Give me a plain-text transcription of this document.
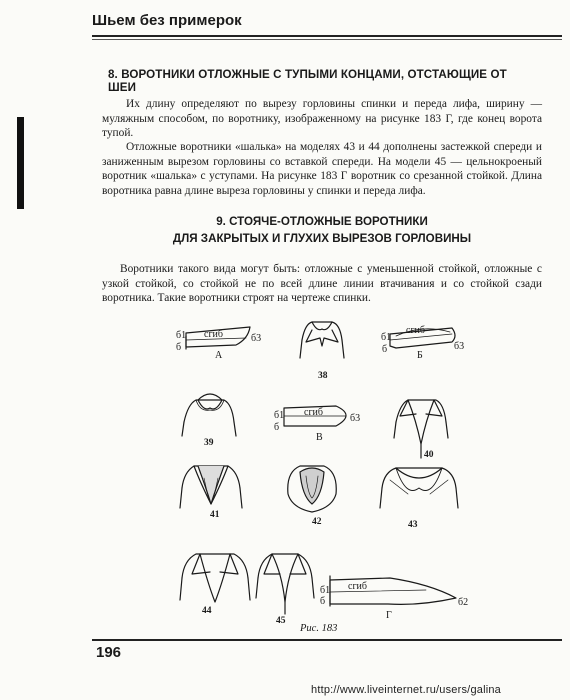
Шьем без примерок
8. ВОРОТНИКИ ОТЛОЖНЫЕ С ТУПЫМИ КОНЦАМИ, ОТСТАЮЩИЕ ОТ ШЕИ

Их длину определяют по вырезу горловины спинки и переда лифа, ширину — муляжным способом, по воротнику, изображенному на рисунке 183 Г, где конец ворота тупой.

Отложные воротники «шалька» на моделях 43 и 44 дополнены застежкой спереди и заниженным вырезом горловины со вставкой спереди. На модели 45 — цельнокроеный воротник «шалька» с уступами. На рисунке 183 Г воротник со срезанной стойкой. Длина воротника равна длине выреза горловины у спинки и переда лифа.

9. СТОЯЧЕ-ОТЛОЖНЫЕ ВОРОТНИКИ
ДЛЯ ЗАКРЫТЫХ И ГЛУХИХ ВЫРЕЗОВ ГОРЛОВИНЫ

Воротники такого вида могут быть: отложные с уменьшенной стойкой, отложные с узкой стойкой, со стойкой не по всей длине линии втачивания и со стойкой сзади воротника. Такие воротники строят на чертеже спинки.

сгиб
б1
б
б3
А
38
сгиб
б1
б	б3
Б
39
сгиб
б1
б
б3
В
40
41
42	43
44
45
сгиб
б1
б	б2
Г
Рис. 183
196
http://www.liveinternet.ru/users/galina
